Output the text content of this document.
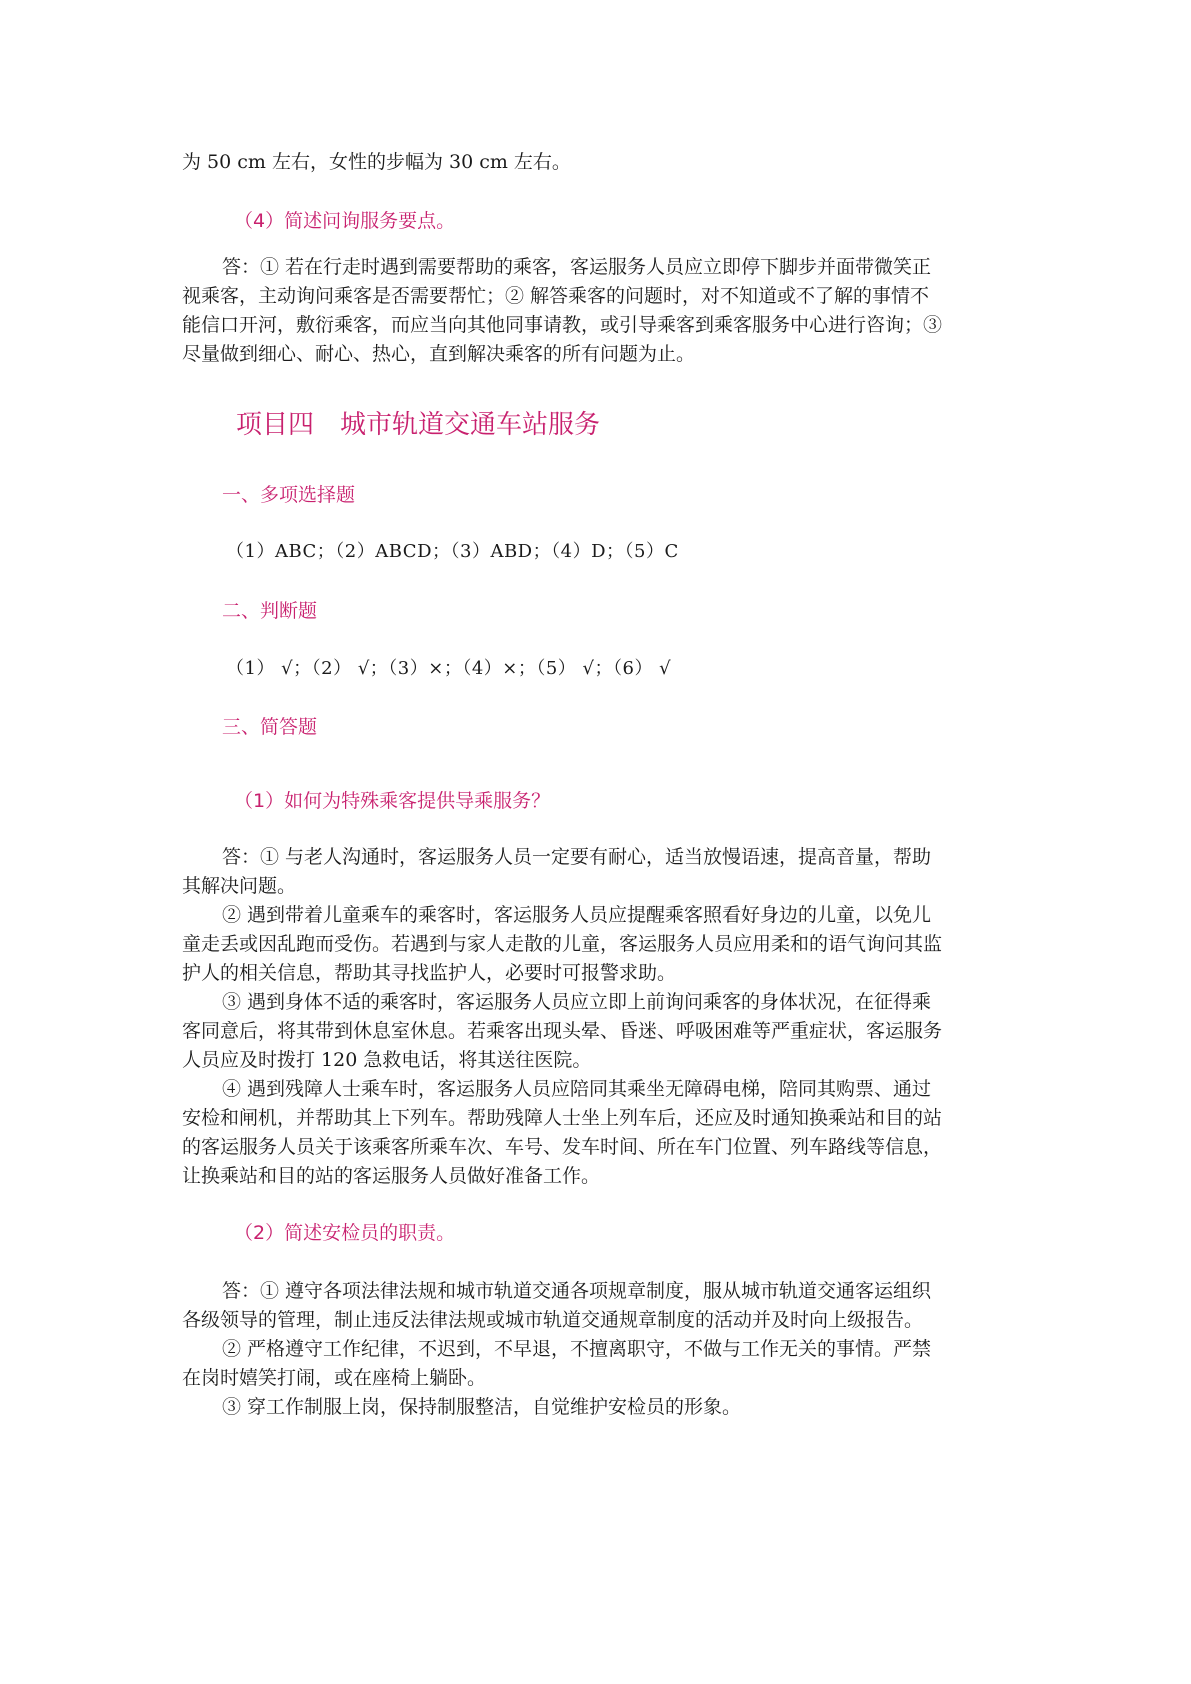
为 50 cm 左右，女性的步幅为 30 cm 左右。
（4）简述问询服务要点。
答：① 若在行走时遇到需要帮助的乘客，客运服务人员应立即停下脚步并面带微笑正
视乘客，主动询问乘客是否需要帮忙；② 解答乘客的问题时，对不知道或不了解的事情不
能信口开河，敷衍乘客，而应当向其他同事请教，或引导乘客到乘客服务中心进行咨询；③
尽量做到细心、耐心、热心，直到解决乘客的所有问题为止。
项目四　城市轨道交通车站服务
一、多项选择题
（1）ABC；（2）ABCD；（3）ABD；（4）D；（5）C
二、判断题
（1） √；（2） √；（3）×；（4）×；（5） √；（6） √
三、简答题
（1）如何为特殊乘客提供导乘服务？
答：① 与老人沟通时，客运服务人员一定要有耐心，适当放慢语速，提高音量，帮助
其解决问题。
② 遇到带着儿童乘车的乘客时，客运服务人员应提醒乘客照看好身边的儿童，以免儿
童走丢或因乱跑而受伤。若遇到与家人走散的儿童，客运服务人员应用柔和的语气询问其监
护人的相关信息，帮助其寻找监护人，必要时可报警求助。
③ 遇到身体不适的乘客时，客运服务人员应立即上前询问乘客的身体状况，在征得乘
客同意后，将其带到休息室休息。若乘客出现头晕、昏迷、呼吸困难等严重症状，客运服务
人员应及时拨打 120 急救电话，将其送往医院。
④ 遇到残障人士乘车时，客运服务人员应陪同其乘坐无障碍电梯，陪同其购票、通过
安检和闸机，并帮助其上下列车。帮助残障人士坐上列车后，还应及时通知换乘站和目的站
的客运服务人员关于该乘客所乘车次、车号、发车时间、所在车门位置、列车路线等信息，
让换乘站和目的站的客运服务人员做好准备工作。
（2）简述安检员的职责。
答：① 遵守各项法律法规和城市轨道交通各项规章制度，服从城市轨道交通客运组织
各级领导的管理，制止违反法律法规或城市轨道交通规章制度的活动并及时向上级报告。
② 严格遵守工作纪律，不迟到，不早退，不擅离职守，不做与工作无关的事情。严禁
在岗时嬉笑打闹，或在座椅上躺卧。
③ 穿工作制服上岗，保持制服整洁，自觉维护安检员的形象。
